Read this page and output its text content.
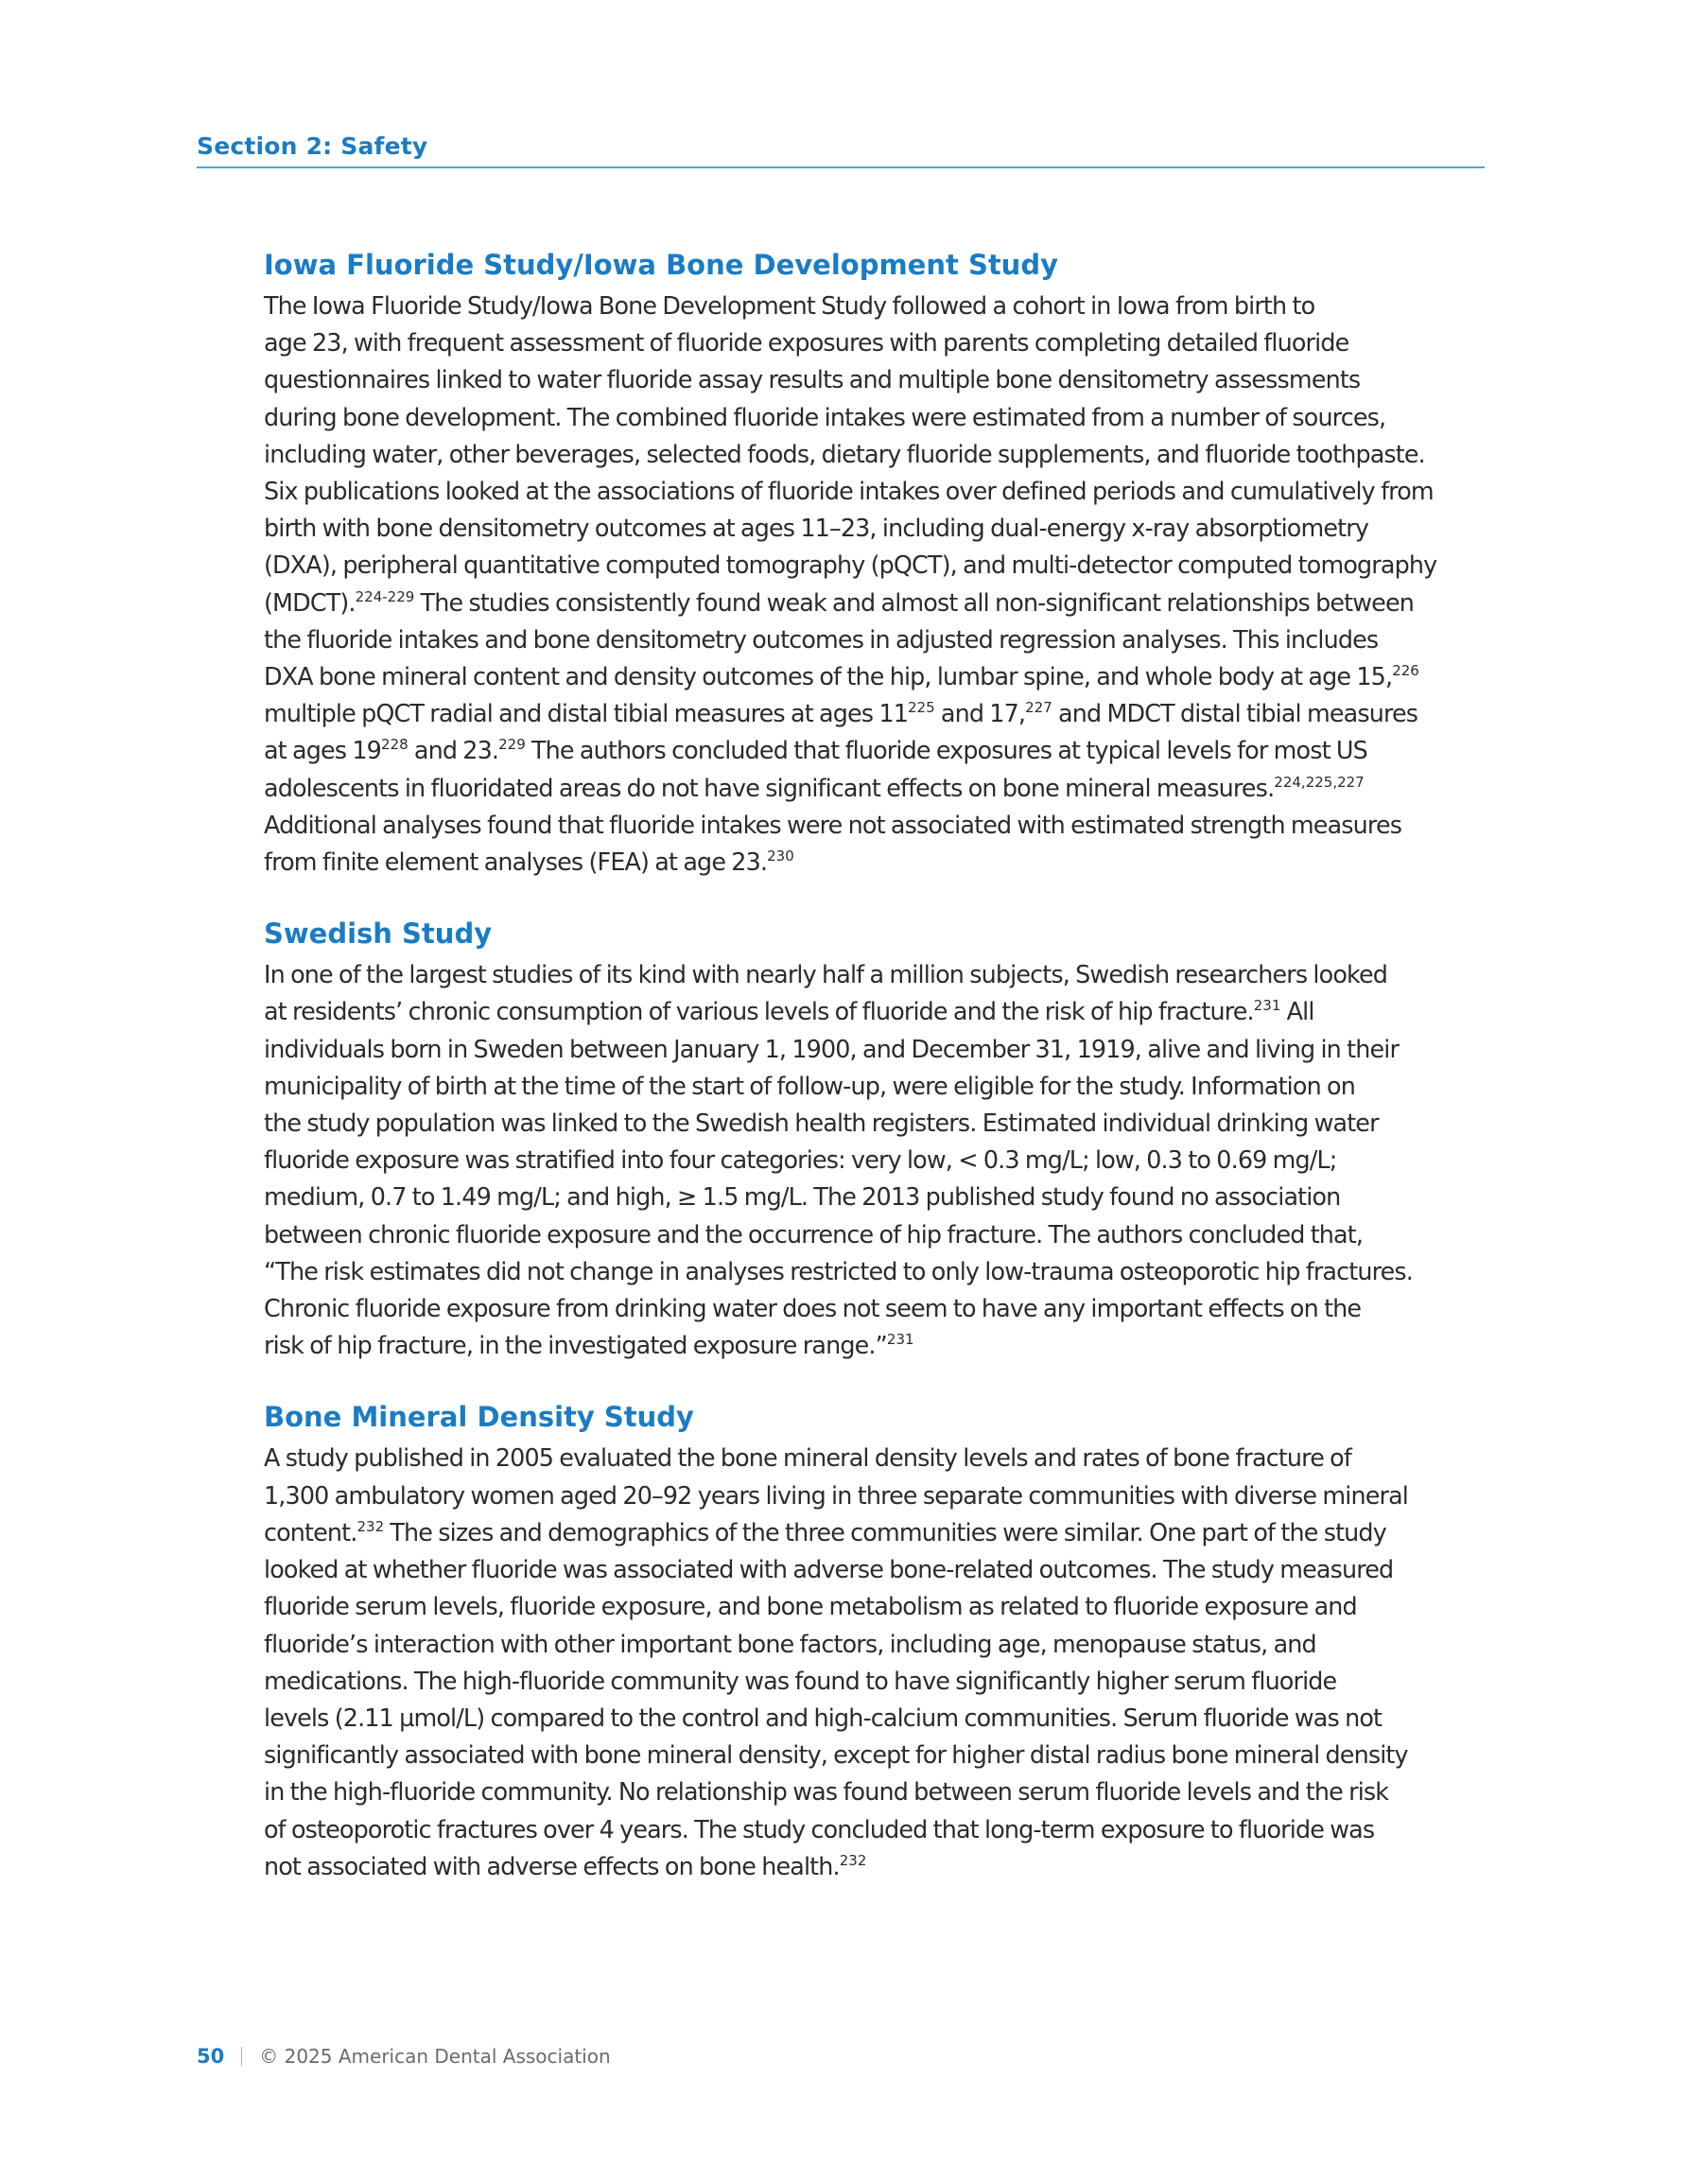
Section 2: Safety
Iowa Fluoride Study/Iowa Bone Development Study

The Iowa Fluoride Study/Iowa Bone Development Study followed a cohort in Iowa from birth to
age 23, with frequent assessment of fluoride exposures with parents completing detailed fluoride
questionnaires linked to water fluoride assay results and multiple bone densitometry assessments
during bone development. The combined fluoride intakes were estimated from a number of sources,
including water, other beverages, selected foods, dietary fluoride supplements, and fluoride toothpaste.
Six publications looked at the associations of fluoride intakes over defined periods and cumulatively from
birth with bone densitometry outcomes at ages 11–23, including dual-energy x-ray absorptiometry
(DXA), peripheral quantitative computed tomography (pQCT), and multi-detector computed tomography
(MDCT).$^{224-229}$ The studies consistently found weak and almost all non-significant relationships between
the fluoride intakes and bone densitometry outcomes in adjusted regression analyses. This includes
DXA bone mineral content and density outcomes of the hip, lumbar spine, and whole body at age 15,$^{226}$
multiple pQCT radial and distal tibial measures at ages $11^{225}$ and 17,$^{227}$ and MDCT distal tibial measures
at ages $19^{228}$ and 23.$^{229}$ The authors concluded that fluoride exposures at typical levels for most US
adolescents in fluoridated areas do not have significant effects on bone mineral measures.$^{224,225,227}$
Additional analyses found that fluoride intakes were not associated with estimated strength measures
from finite element analyses (FEA) at age 23.$^{230}$

Swedish Study

In one of the largest studies of its kind with nearly half a million subjects, Swedish researchers looked
at residents’ chronic consumption of various levels of fluoride and the risk of hip fracture.$^{231}$ All
individuals born in Sweden between January 1, 1900, and December 31, 1919, alive and living in their
municipality of birth at the time of the start of follow-up, were eligible for the study. Information on
the study population was linked to the Swedish health registers. Estimated individual drinking water
fluoride exposure was stratified into four categories: very low, < 0.3 mg/L; low, 0.3 to 0.69 mg/L;
medium, 0.7 to 1.49 mg/L; and high, ≥ 1.5 mg/L. The 2013 published study found no association
between chronic fluoride exposure and the occurrence of hip fracture. The authors concluded that,
“The risk estimates did not change in analyses restricted to only low-trauma osteoporotic hip fractures.
Chronic fluoride exposure from drinking water does not seem to have any important effects on the
risk of hip fracture, in the investigated exposure range.”$^{231}$

Bone Mineral Density Study

A study published in 2005 evaluated the bone mineral density levels and rates of bone fracture of
1,300 ambulatory women aged 20–92 years living in three separate communities with diverse mineral
content.$^{232}$ The sizes and demographics of the three communities were similar. One part of the study
looked at whether fluoride was associated with adverse bone-related outcomes. The study measured
fluoride serum levels, fluoride exposure, and bone metabolism as related to fluoride exposure and
fluoride’s interaction with other important bone factors, including age, menopause status, and
medications. The high-fluoride community was found to have significantly higher serum fluoride
levels (2.11 µmol/L) compared to the control and high-calcium communities. Serum fluoride was not
significantly associated with bone mineral density, except for higher distal radius bone mineral density
in the high-fluoride community. No relationship was found between serum fluoride levels and the risk
of osteoporotic fractures over 4 years. The study concluded that long-term exposure to fluoride was
not associated with adverse effects on bone health.$^{232}$

50 © 2025 American Dental Association
